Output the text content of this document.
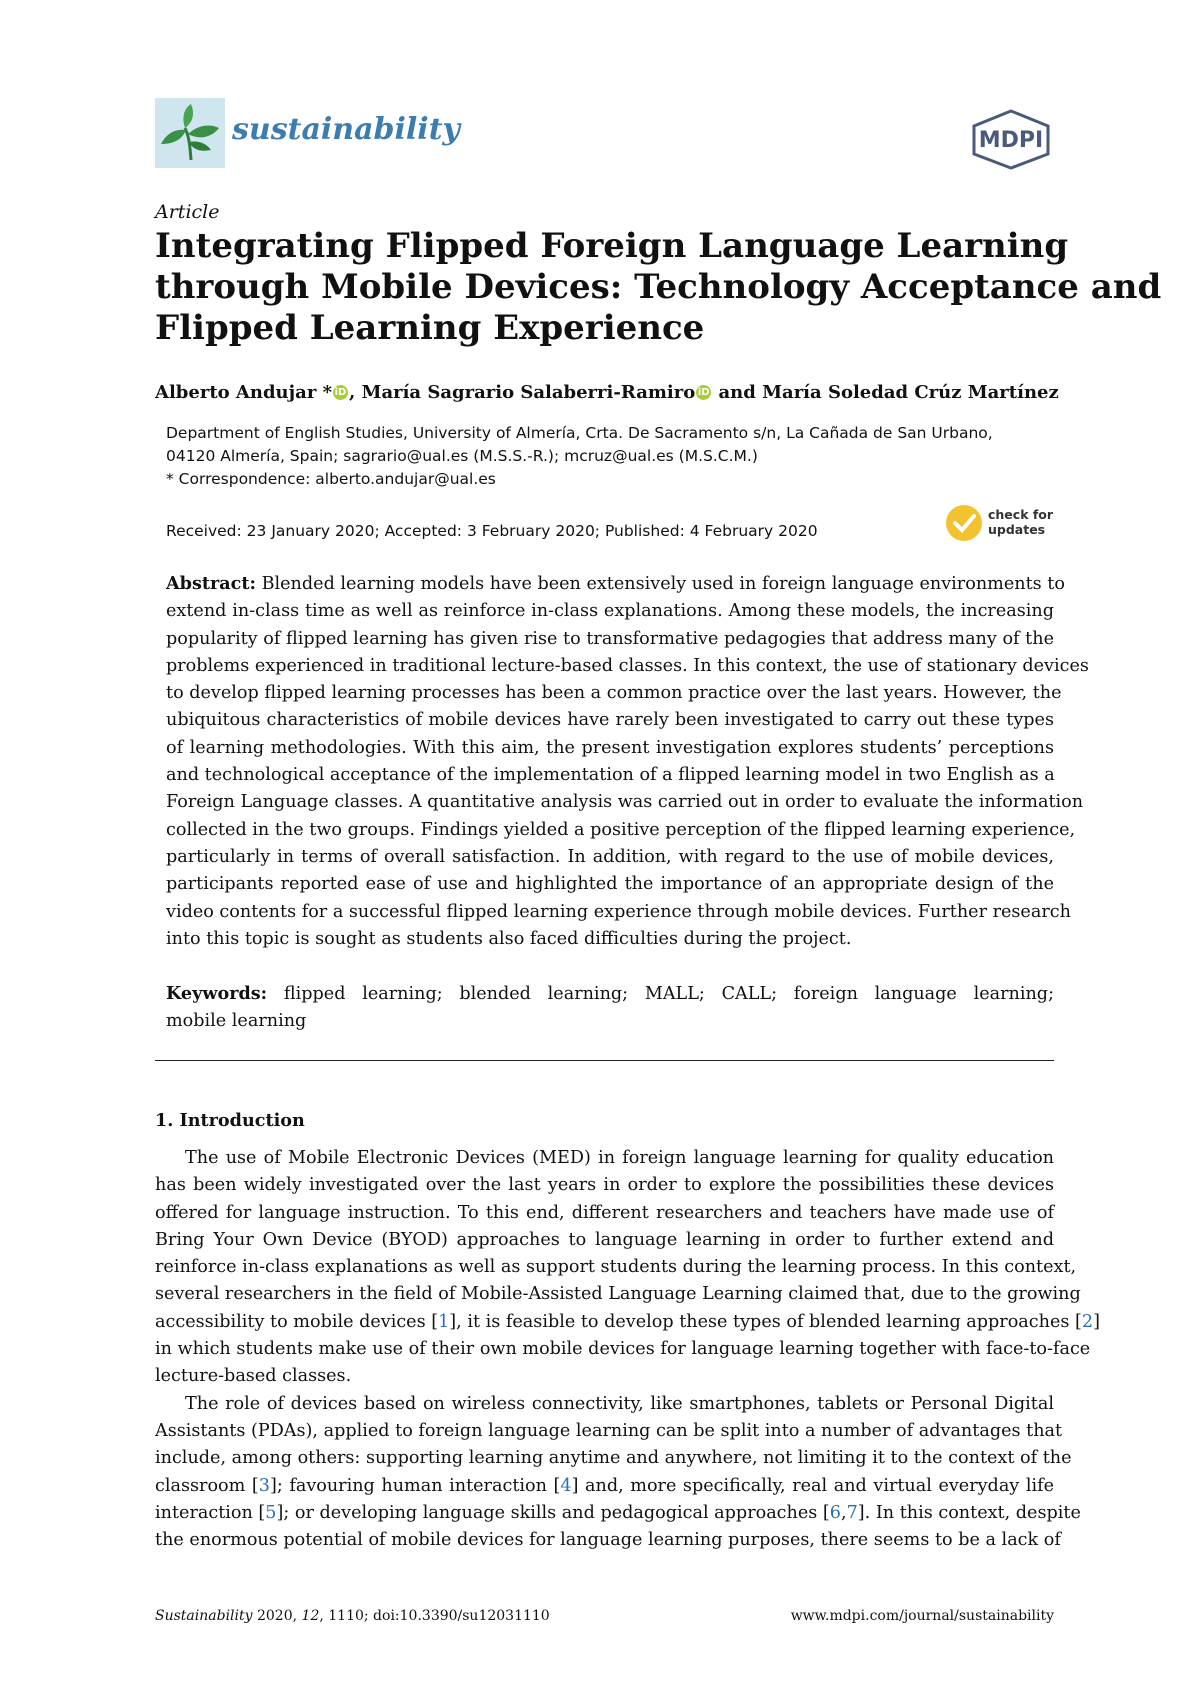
sustainability	MDPI
Article
Integrating Flipped Foreign Language Learning
through Mobile Devices: Technology Acceptance and
Flipped Learning Experience
Alberto Andujar * iD , María Sagrario Salaberri-Ramiro iD and María Soledad Crúz Martínez
Department of English Studies, University of Almería, Crta. De Sacramento s/n, La Cañada de San Urbano,
04120 Almería, Spain; sagrario@ual.es (M.S.S.-R.); mcruz@ual.es (M.S.C.M.)
* Correspondence: alberto.andujar@ual.es
Received: 23 January 2020; Accepted: 3 February 2020; Published: 4 February 2020
check for
updates
Abstract: Blended learning models have been extensively used in foreign language environments to
extend in-class time as well as reinforce in-class explanations. Among these models, the increasing
popularity of flipped learning has given rise to transformative pedagogies that address many of the
problems experienced in traditional lecture-based classes. In this context, the use of stationary devices
to develop flipped learning processes has been a common practice over the last years. However, the
ubiquitous characteristics of mobile devices have rarely been investigated to carry out these types
of learning methodologies. With this aim, the present investigation explores students’ perceptions
and technological acceptance of the implementation of a flipped learning model in two English as a
Foreign Language classes. A quantitative analysis was carried out in order to evaluate the information
collected in the two groups. Findings yielded a positive perception of the flipped learning experience,
particularly in terms of overall satisfaction. In addition, with regard to the use of mobile devices,
participants reported ease of use and highlighted the importance of an appropriate design of the
video contents for a successful flipped learning experience through mobile devices. Further research
into this topic is sought as students also faced difficulties during the project.
Keywords: flipped learning; blended learning; MALL; CALL; foreign language learning;
mobile learning
1. Introduction
The use of Mobile Electronic Devices (MED) in foreign language learning for quality education
has been widely investigated over the last years in order to explore the possibilities these devices
offered for language instruction. To this end, different researchers and teachers have made use of
Bring Your Own Device (BYOD) approaches to language learning in order to further extend and
reinforce in-class explanations as well as support students during the learning process. In this context,
several researchers in the field of Mobile-Assisted Language Learning claimed that, due to the growing
accessibility to mobile devices [1], it is feasible to develop these types of blended learning approaches [2]
in which students make use of their own mobile devices for language learning together with face-to-face
lecture-based classes.
The role of devices based on wireless connectivity, like smartphones, tablets or Personal Digital
Assistants (PDAs), applied to foreign language learning can be split into a number of advantages that
include, among others: supporting learning anytime and anywhere, not limiting it to the context of the
classroom [3]; favouring human interaction [4] and, more specifically, real and virtual everyday life
interaction [5]; or developing language skills and pedagogical approaches [6,7]. In this context, despite
the enormous potential of mobile devices for language learning purposes, there seems to be a lack of
Sustainability 2020, 12, 1110; doi:10.3390/su12031110	www.mdpi.com/journal/sustainability
